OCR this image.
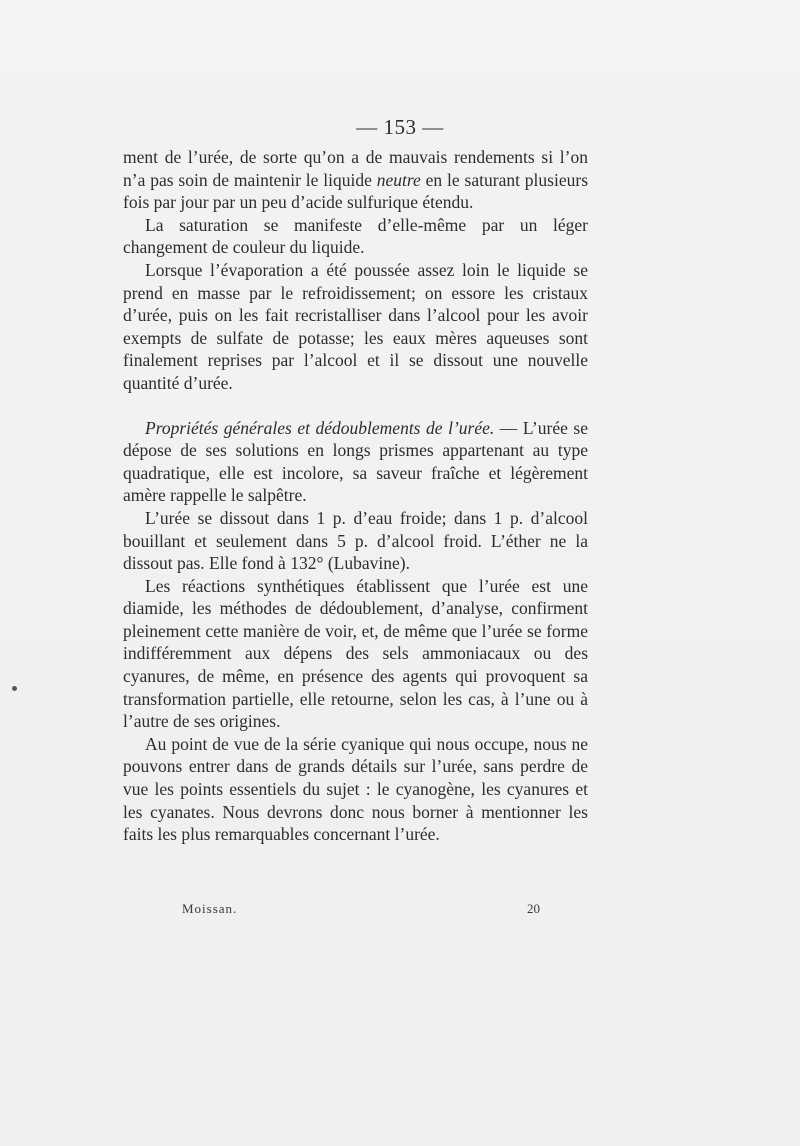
— 153 —

ment de l’urée, de sorte qu’on a de mauvais rendements si l’on n’a pas soin de maintenir le liquide neutre en le saturant plusieurs fois par jour par un peu d’acide sulfurique étendu.

La saturation se manifeste d’elle-même par un léger changement de couleur du liquide.

Lorsque l’évaporation a été poussée assez loin le liquide se prend en masse par le refroidissement; on essore les cristaux d’urée, puis on les fait recristalliser dans l’alcool pour les avoir exempts de sulfate de potasse; les eaux mères aqueuses sont finalement reprises par l’alcool et il se dissout une nouvelle quantité d’urée.

Propriétés générales et dédoublements de l’urée. — L’urée se dépose de ses solutions en longs prismes appartenant au type quadratique, elle est incolore, sa saveur fraîche et légèrement amère rappelle le salpêtre.

L’urée se dissout dans 1 p. d’eau froide; dans 1 p. d’alcool bouillant et seulement dans 5 p. d’alcool froid. L’éther ne la dissout pas. Elle fond à 132° (Lubavine).

Les réactions synthétiques établissent que l’urée est une diamide, les méthodes de dédoublement, d’analyse, confirment pleinement cette manière de voir, et, de même que l’urée se forme indifféremment aux dépens des sels ammoniacaux ou des cyanures, de même, en présence des agents qui provoquent sa transformation partielle, elle retourne, selon les cas, à l’une ou à l’autre de ses origines.

Au point de vue de la série cyanique qui nous occupe, nous ne pouvons entrer dans de grands détails sur l’urée, sans perdre de vue les points essentiels du sujet : le cyanogène, les cyanures et les cyanates. Nous devrons donc nous borner à mentionner les faits les plus remarquables concernant l’urée.

Moissan.	20
